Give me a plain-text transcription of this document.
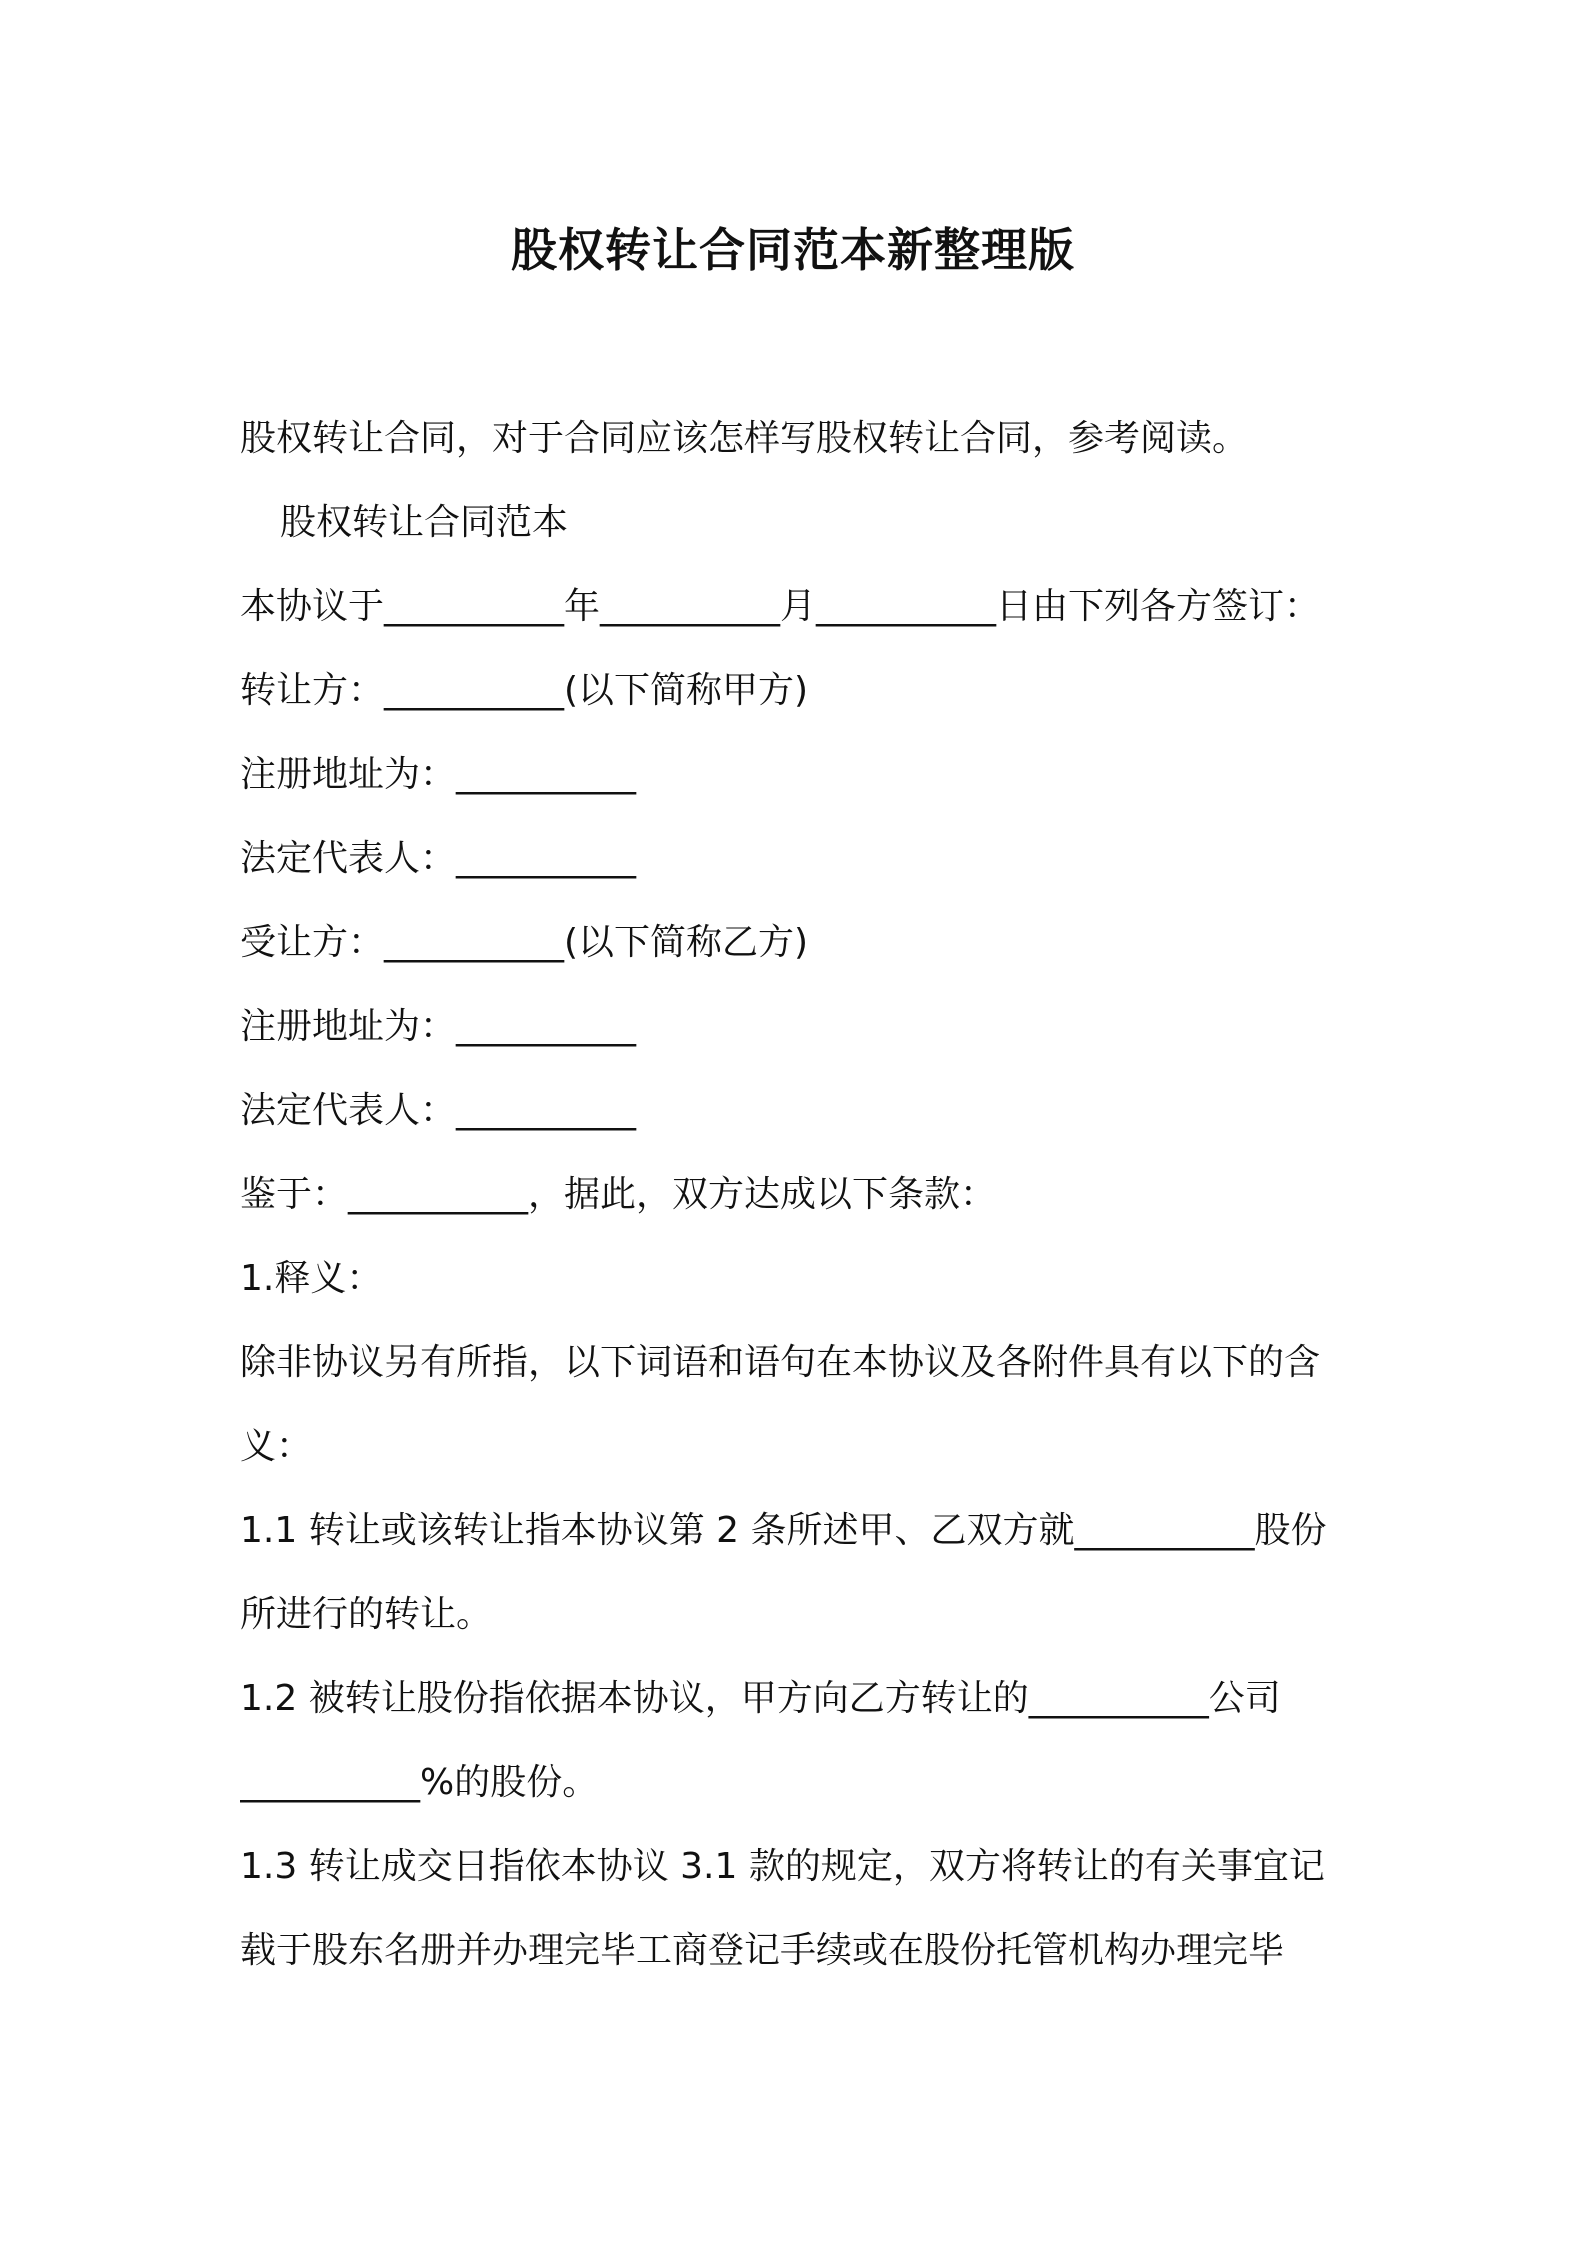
股权转让合同范本新整理版
股权转让合同，对于合同应该怎样写股权转让合同，参考阅读。
股权转让合同范本
本协议于__________年__________月__________日由下列各方签订：
转让方：__________(以下简称甲方)
注册地址为：__________
法定代表人：__________
受让方：__________(以下简称乙方)
注册地址为：__________
法定代表人：__________
鉴于：__________，据此，双方达成以下条款：
1.释义：
除非协议另有所指，以下词语和语句在本协议及各附件具有以下的含
义：
1.1 转让或该转让指本协议第 2 条所述甲、乙双方就__________股份
所进行的转让。
1.2 被转让股份指依据本协议，甲方向乙方转让的__________公司
__________%的股份。
1.3 转让成交日指依本协议 3.1 款的规定，双方将转让的有关事宜记
载于股东名册并办理完毕工商登记手续或在股份托管机构办理完毕
